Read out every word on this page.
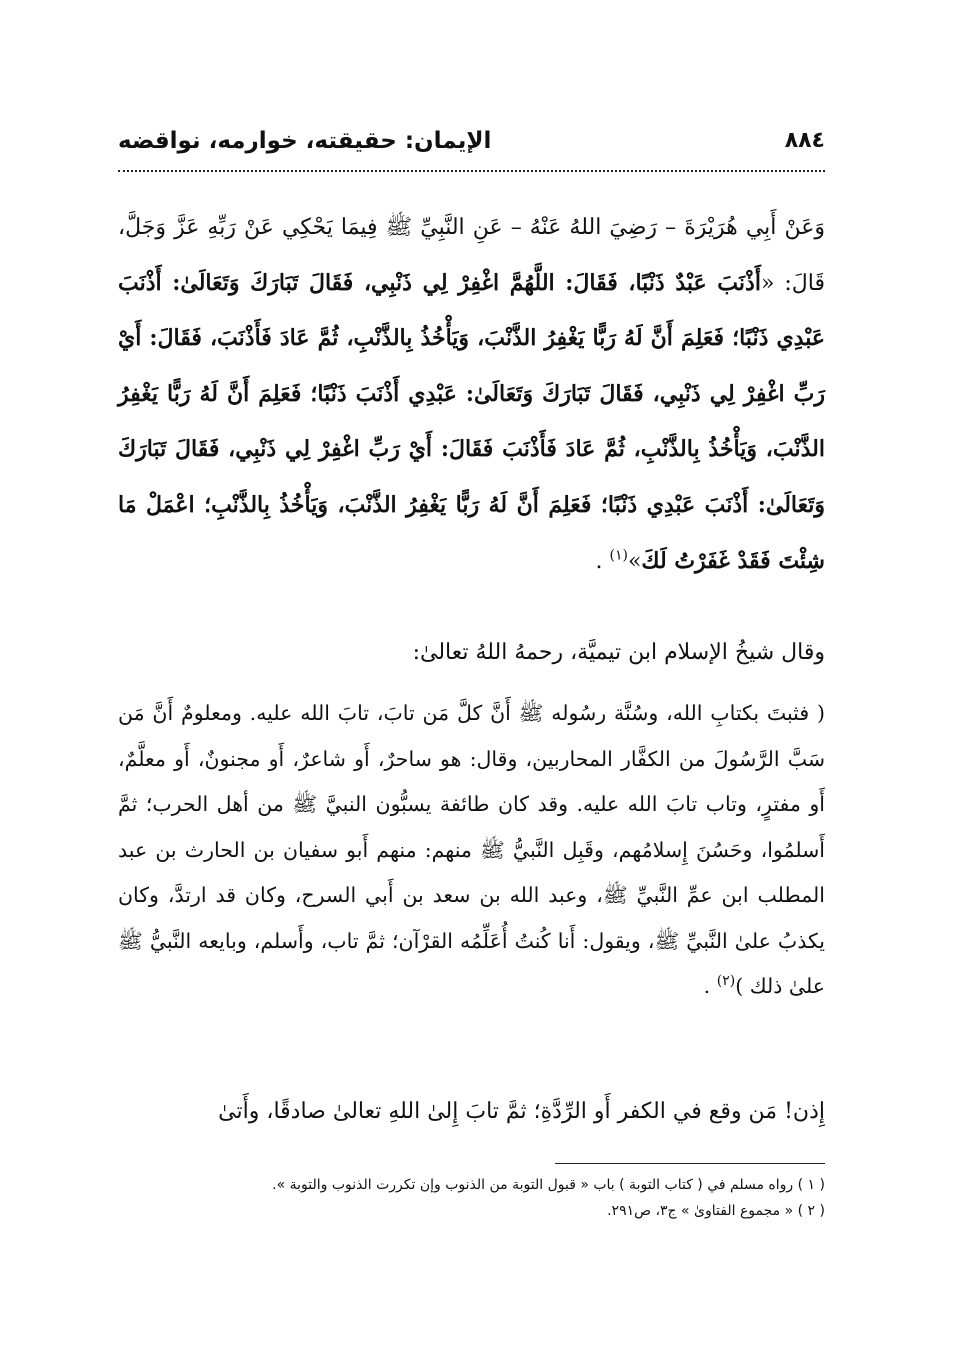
الإيمان: حقيقته، خوارمه، نواقضه	٨٨٤

وَعَنْ أَبِي هُرَيْرَةَ – رَضِيَ اللهُ عَنْهُ – عَنِ النَّبِيِّ ﷺ فِيمَا يَحْكِي عَنْ رَبِّهِ عَزَّ وَجَلَّ، قَالَ: «أَذْنَبَ عَبْدٌ ذَنْبًا، فَقَالَ: اللَّهُمَّ اغْفِرْ لِي ذَنْبِي، فَقَالَ تَبَارَكَ وَتَعَالَىٰ: أَذْنَبَ عَبْدِي ذَنْبًا؛ فَعَلِمَ أَنَّ لَهُ رَبًّا يَغْفِرُ الذَّنْبَ، وَيَأْخُذُ بِالذَّنْبِ، ثُمَّ عَادَ فَأَذْنَبَ، فَقَالَ: أَيْ رَبِّ اغْفِرْ لِي ذَنْبِي، فَقَالَ تَبَارَكَ وَتَعَالَىٰ: عَبْدِي أَذْنَبَ ذَنْبًا؛ فَعَلِمَ أَنَّ لَهُ رَبًّا يَغْفِرُ الذَّنْبَ، وَيَأْخُذُ بِالذَّنْبِ، ثُمَّ عَادَ فَأَذْنَبَ فَقَالَ: أَيْ رَبِّ اغْفِرْ لِي ذَنْبِي، فَقَالَ تَبَارَكَ وَتَعَالَىٰ: أَذْنَبَ عَبْدِي ذَنْبًا؛ فَعَلِمَ أَنَّ لَهُ رَبًّا يَغْفِرُ الذَّنْبَ، وَيَأْخُذُ بِالذَّنْبِ؛ اعْمَلْ مَا شِئْتَ فَقَدْ غَفَرْتُ لَكَ»$^{(١)}$ .

وقال شيخُ الإسلام ابن تيميَّة، رحمهُ اللهُ تعالىٰ:

( فثبتَ بكتابِ الله، وسُنَّة رسُوله ﷺ أَنَّ كلَّ مَن تابَ، تابَ الله عليه. ومعلومٌ أَنَّ مَن سَبَّ الرَّسُولَ من الكفَّار المحاربين، وقال: هو ساحرٌ، أَو شاعرٌ، أَو مجنونٌ، أَو معلَّمٌ، أَو مفترٍ، وتاب تابَ الله عليه. وقد كان طائفة يسبُّون النبيَّ ﷺ من أهل الحرب؛ ثمَّ أَسلمُوا، وحَسُنَ إِسلامُهم، وقَبِل النَّبيُّ ﷺ منهم: منهم أَبو سفيان بن الحارث بن عبد المطلب ابن عمِّ النَّبيِّ ﷺ، وعبد الله بن سعد بن أَبي السرح، وكان قد ارتدَّ، وكان يكذبُ علىٰ النَّبيِّ ﷺ، ويقول: أَنا كُنتُ أُعَلِّمُه القرْآن؛ ثمَّ تاب، وأَسلم، وبايعه النَّبيُّ ﷺ علىٰ ذلك )$^{(٢)}$ .

إِذن! مَن وقع في الكفر أَو الرِّدَّةِ؛ ثمَّ تابَ إِلىٰ اللهِ تعالىٰ صادقًا، وأَتىٰ

( ١ ) رواه مسلم في ( كتاب التوبة ) باب « قبول التوبة من الذنوب وإن تكررت الذنوب والتوبة ».

( ٢ ) « مجموع الفتاوىٰ » ج٣، ص٢٩١.
